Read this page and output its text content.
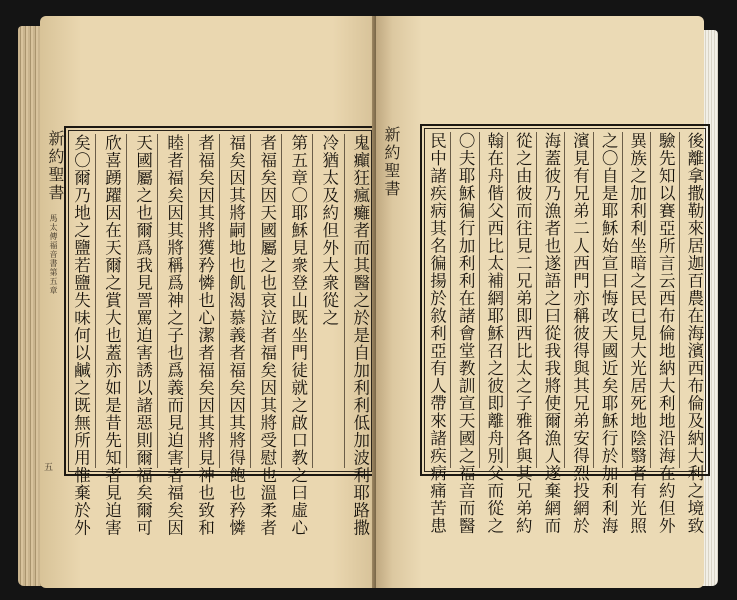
新約聖書
馬太傳福音書第五章
五	鬼癲狂瘋癱者而其醫之於是自加利利低加波利耶路撒
冷猶太及約但外大衆從之
第五章〇耶穌見衆登山既坐門徒就之啟口教之曰虛心
者福矣因天國屬之也哀泣者福矣因其將受慰也溫柔者
福矣因其將嗣地也飢渴慕義者福矣因其將得飽也矜憐
者福矣因其將獲矜憐也心潔者福矣因其將見神也致和
睦者福矣因其將稱爲神之子也爲義而見迫害者福矣因
天國屬之也爾爲我見詈罵迫害誘以諸惡則爾福矣爾可
欣喜踴躍因在天爾之賞大也蓋亦如是昔先知者見迫害
矣〇爾乃地之鹽若鹽失味何以鹹之既無所用惟棄於外	新約聖書	後離拿撒勒來居迦百農在海濱西布倫及納大利之境致
驗先知以賽亞所言云西布倫地納大利地沿海在約但外
異族之加利利坐暗之民已見大光居死地陰翳者有光照
之〇自是耶穌始宣曰悔改天國近矣耶穌行於加利利海
濱見有兄弟二人西門亦稱彼得與其兄弟安得烈投網於
海蓋彼乃漁者也遂語之曰從我我將使爾漁人遂棄網而
從之由彼而往見二兄弟即西比太之子雅各與其兄弟約
翰在舟偕父西比太補網耶穌召之彼即離舟別父而從之
〇夫耶穌徧行加利利在諸會堂教訓宣天國之福音而醫
民中諸疾病其名徧揚於敘利亞有人帶來諸疾病痛苦患
